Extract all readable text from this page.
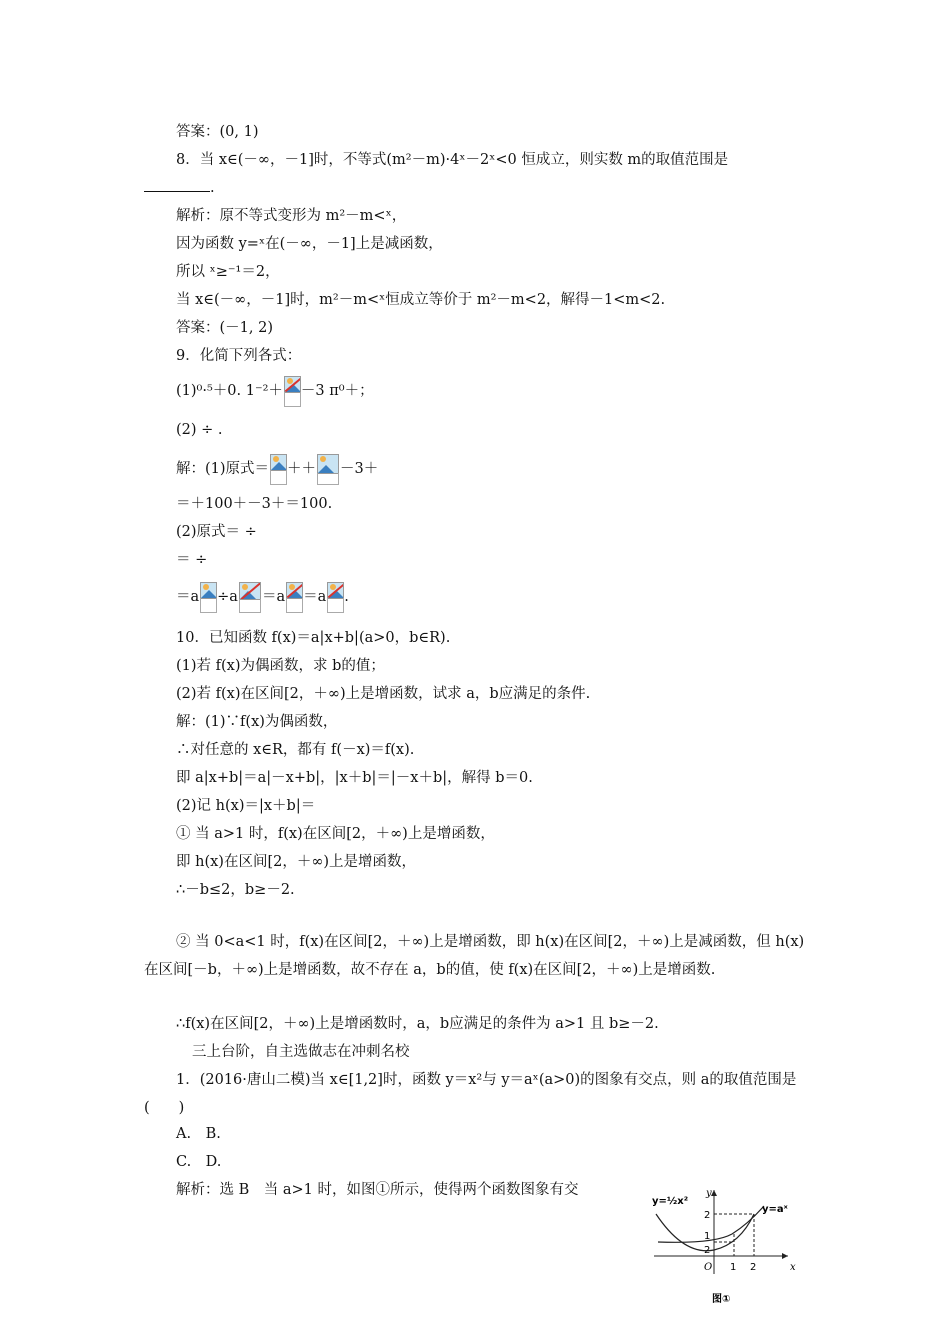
答案：(0, 1)
8．当 x∈(－∞，－1]时，不等式(m²－m)·4ˣ－2ˣ<0 恒成立，则实数 m的取值范围是
.
解析：原不等式变形为 m²－m<ˣ，
因为函数 y=ˣ在(－∞，－1]上是减函数，
所以 ˣ≥⁻¹＝2，
当 x∈(－∞，－1]时，m²－m<ˣ恒成立等价于 m²－m<2，解得－1<m<2.
答案：(－1, 2)
9．化简下列各式：
(1)⁰·⁵＋0. 1⁻²＋ －3 π⁰＋；
(2) ÷ .
解：(1)原式＝ ＋＋ －3＋
＝＋100＋－3＋＝100.
(2)原式＝ ÷
＝ ÷
＝a ÷a ＝a ＝a .
10．已知函数 f(x)＝a|x+b|(a>0，b∈R).
(1)若 f(x)为偶函数，求 b的值；
(2)若 f(x)在区间[2，＋∞)上是增函数，试求 a，b应满足的条件.
解：(1)∵f(x)为偶函数，
∴对任意的 x∈R，都有 f(－x)＝f(x).
即 a|x+b|＝a|－x+b|，|x＋b|＝|－x＋b|，解得 b＝0.
(2)记 h(x)＝|x＋b|＝
① 当 a>1 时，f(x)在区间[2，＋∞)上是增函数，
即 h(x)在区间[2，＋∞)上是增函数，
∴－b≤2，b≥－2.
② 当 0<a<1 时，f(x)在区间[2，＋∞)上是增函数，即 h(x)在区间[2，＋∞)上是减函数，但 h(x)在区间[－b，＋∞)上是增函数，故不存在 a，b的值，使 f(x)在区间[2，＋∞)上是增函数.
∴f(x)在区间[2，＋∞)上是增函数时，a，b应满足的条件为 a>1 且 b≥－2.
三上台阶，自主选做志在冲刺名校
1．(2016·唐山二模)当 x∈[1,2]时，函数 y＝x²与 y＝aˣ(a>0)的图象有交点，则 a的取值范围是(　　)
A.　B.
C.　D.
解析：选 B　当 a>1 时，如图①所示，使得两个函数图象有交
y=½x²
y=aˣ
x
y
O 1 2
2
1
2
图①
